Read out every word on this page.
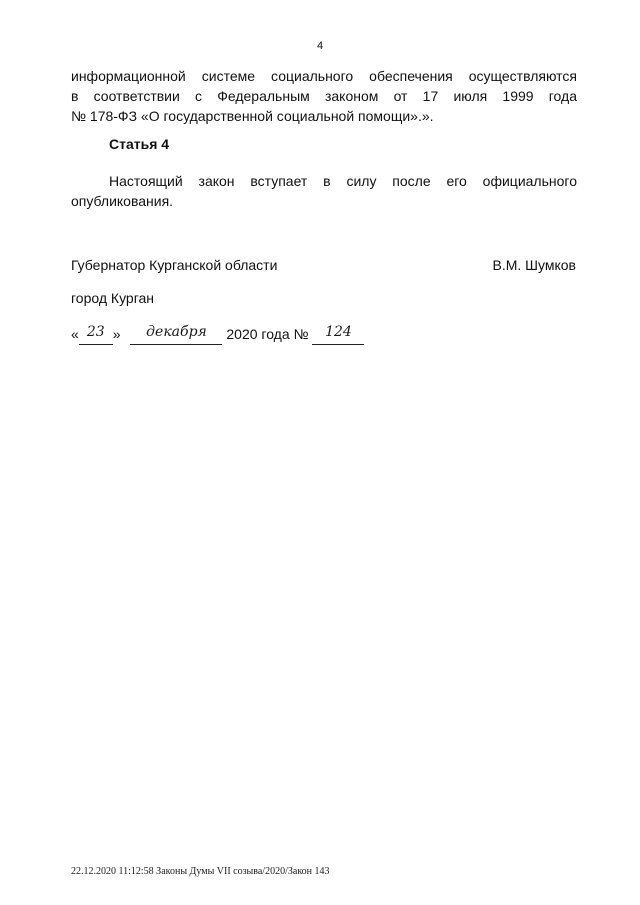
4
информационной системе социального обеспечения осуществляются
в соответствии с Федеральным законом от 17 июля 1999 года
№ 178-ФЗ «О государственной социальной помощи».».
Статья 4
Настоящий закон вступает в силу после его официального
опубликования.
Губернатор Курганской области	В.М. Шумков
город Курган
« 23 » декабря 2020 года № 124
22.12.2020 11:12:58 Законы Думы VII созыва/2020/Закон 143
